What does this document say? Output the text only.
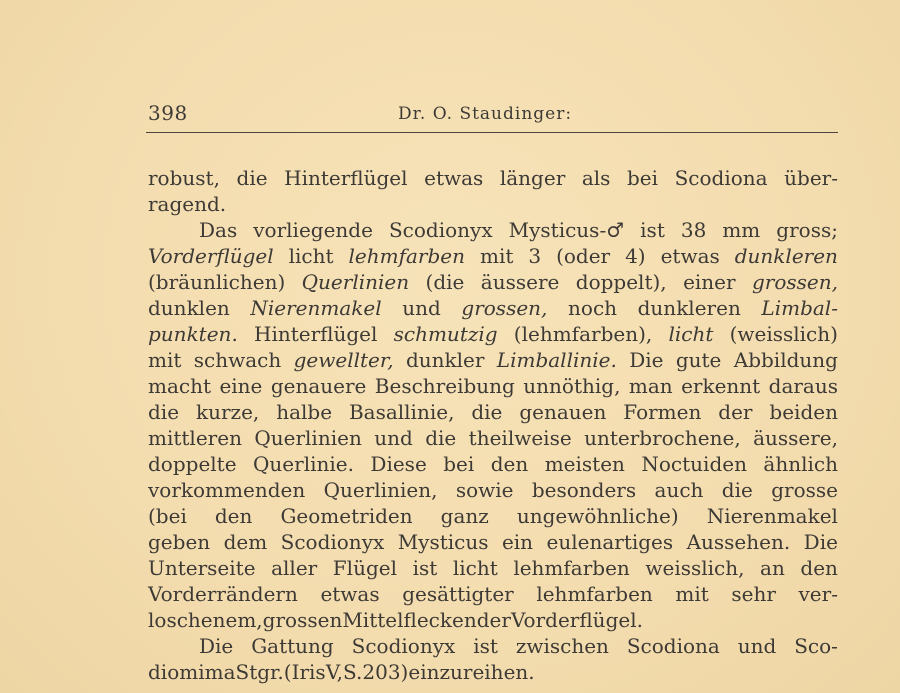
398	Dr. O. Staudinger:
robust, die Hinterflügel etwas länger als bei Scodiona über-
ragend.
Das vorliegende Scodionyx Mysticus-♂ ist 38 mm gross;
Vorderflügel licht lehmfarben mit 3 (oder 4) etwas dunkleren
(bräunlichen) Querlinien (die äussere doppelt), einer grossen,
dunklen Nierenmakel und grossen, noch dunkleren Limbal-
punkten. Hinterflügel schmutzig (lehmfarben), licht (weisslich)
mit schwach gewellter, dunkler Limballinie. Die gute Abbildung
macht eine genauere Beschreibung unnöthig, man erkennt daraus
die kurze, halbe Basallinie, die genauen Formen der beiden
mittleren Querlinien und die theilweise unterbrochene, äussere,
doppelte Querlinie. Diese bei den meisten Noctuiden ähnlich
vorkommenden Querlinien, sowie besonders auch die grosse
(bei den Geometriden ganz ungewöhnliche) Nierenmakel
geben dem Scodionyx Mysticus ein eulenartiges Aussehen. Die
Unterseite aller Flügel ist licht lehmfarben weisslich, an den
Vorderrändern etwas gesättigter lehmfarben mit sehr ver-
loschenem, grossen Mittelflecken der Vorderflügel.
Die Gattung Scodionyx ist zwischen Scodiona und Sco-
diomima Stgr. (Iris V, S. 203) einzureihen.
